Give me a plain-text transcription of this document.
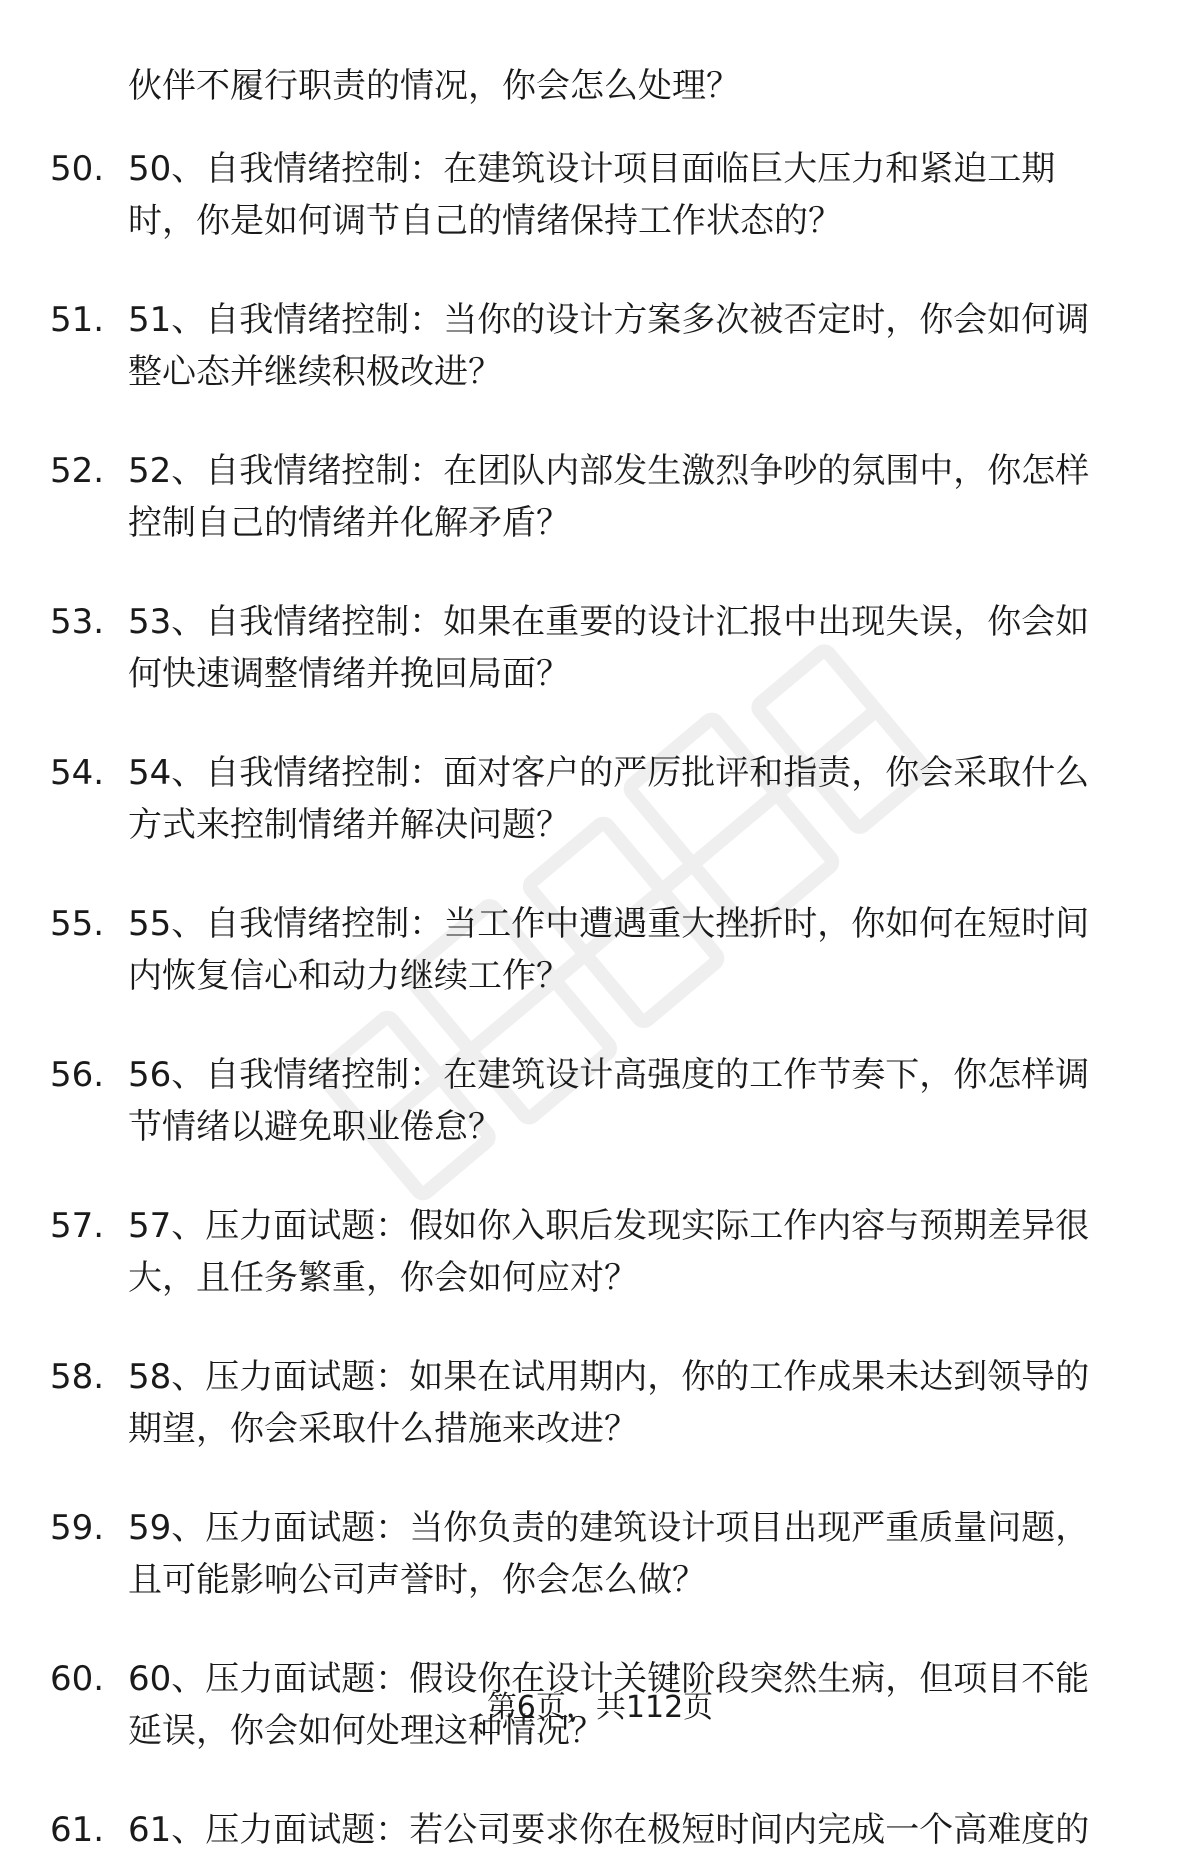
伙伴不履行职责的情况，你会怎么处理？
50. 50、自我情绪控制：在建筑设计项目面临巨大压力和紧迫工期
时，你是如何调节自己的情绪保持工作状态的？
51. 51、自我情绪控制：当你的设计方案多次被否定时，你会如何调
整心态并继续积极改进？
52. 52、自我情绪控制：在团队内部发生激烈争吵的氛围中，你怎样
控制自己的情绪并化解矛盾？
53. 53、自我情绪控制：如果在重要的设计汇报中出现失误，你会如
何快速调整情绪并挽回局面？
54. 54、自我情绪控制：面对客户的严厉批评和指责，你会采取什么
方式来控制情绪并解决问题？
55. 55、自我情绪控制：当工作中遭遇重大挫折时，你如何在短时间
内恢复信心和动力继续工作？
56. 56、自我情绪控制：在建筑设计高强度的工作节奏下，你怎样调
节情绪以避免职业倦怠？
57. 57、压力面试题：假如你入职后发现实际工作内容与预期差异很
大，且任务繁重，你会如何应对？
58. 58、压力面试题：如果在试用期内，你的工作成果未达到领导的
期望，你会采取什么措施来改进？
59. 59、压力面试题：当你负责的建筑设计项目出现严重质量问题，
且可能影响公司声誉时，你会怎么做？
60. 60、压力面试题：假设你在设计关键阶段突然生病，但项目不能
延误，你会如何处理这种情况？
61. 61、压力面试题：若公司要求你在极短时间内完成一个高难度的
第6页，共112页
